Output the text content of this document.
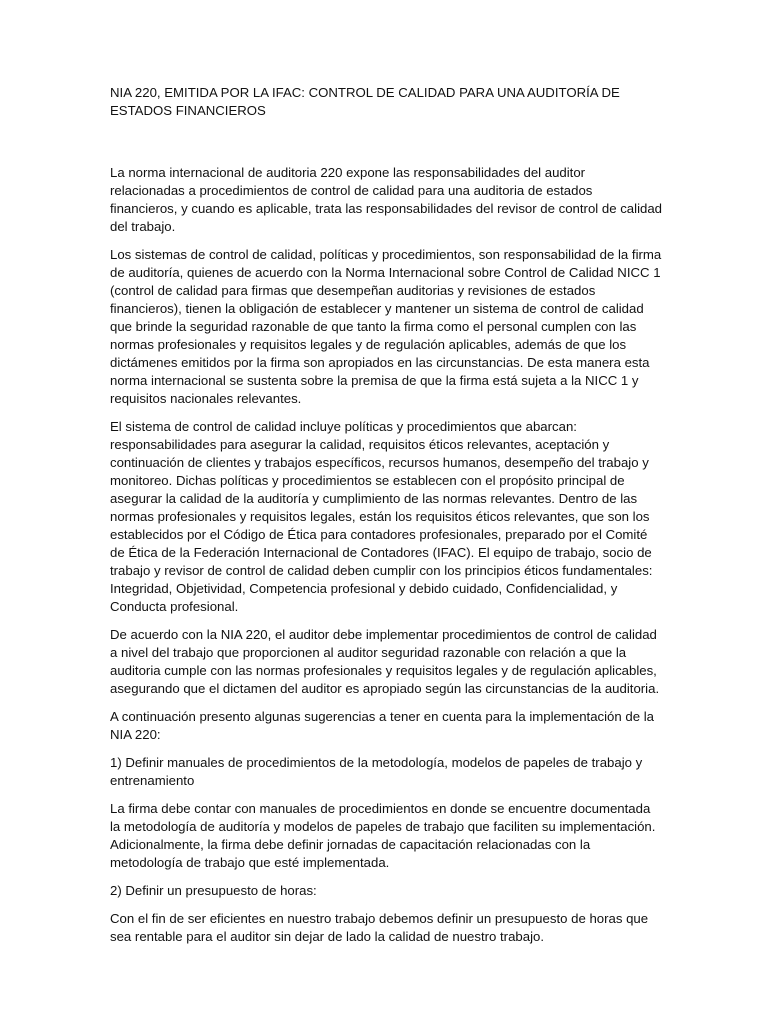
NIA 220, EMITIDA POR LA IFAC: CONTROL DE CALIDAD PARA UNA AUDITORÍA DE ESTADOS FINANCIEROS

La norma internacional de auditoria 220 expone las responsabilidades del auditor relacionadas a procedimientos de control de calidad para una auditoria de estados financieros, y cuando es aplicable, trata las responsabilidades del revisor de control de calidad del trabajo.

Los sistemas de control de calidad, políticas y procedimientos, son responsabilidad de la firma de auditoría, quienes de acuerdo con la Norma Internacional sobre Control de Calidad NICC 1 (control de calidad para firmas que desempeñan auditorias y revisiones de estados financieros), tienen la obligación de establecer y mantener un sistema de control de calidad que brinde la seguridad razonable de que tanto la firma como el personal cumplen con las normas profesionales y requisitos legales y de regulación aplicables, además de que los dictámenes emitidos por la firma son apropiados en las circunstancias. De esta manera esta norma internacional se sustenta sobre la premisa de que la firma está sujeta a la NICC 1 y requisitos nacionales relevantes.

El sistema de control de calidad incluye políticas y procedimientos que abarcan: responsabilidades para asegurar la calidad, requisitos éticos relevantes, aceptación y continuación de clientes y trabajos específicos, recursos humanos, desempeño del trabajo y monitoreo. Dichas políticas y procedimientos se establecen con el propósito principal de asegurar la calidad de la auditoría y cumplimiento de las normas relevantes. Dentro de las normas profesionales y requisitos legales, están los requisitos éticos relevantes, que son los establecidos por el Código de Ética para contadores profesionales, preparado por el Comité de Ética de la Federación Internacional de Contadores (IFAC). El equipo de trabajo, socio de trabajo y revisor de control de calidad deben cumplir con los principios éticos fundamentales: Integridad, Objetividad, Competencia profesional y debido cuidado, Confidencialidad, y Conducta profesional.

De acuerdo con la NIA 220, el auditor debe implementar procedimientos de control de calidad a nivel del trabajo que proporcionen al auditor seguridad razonable con relación a que la auditoria cumple con las normas profesionales y requisitos legales y de regulación aplicables, asegurando que el dictamen del auditor es apropiado según las circunstancias de la auditoria.

A continuación presento algunas sugerencias a tener en cuenta para la implementación de la NIA 220:

1) Definir manuales de procedimientos de la metodología, modelos de papeles de trabajo y entrenamiento

La firma debe contar con manuales de procedimientos en donde se encuentre documentada la metodología de auditoría y modelos de papeles de trabajo que faciliten su implementación. Adicionalmente, la firma debe definir jornadas de capacitación relacionadas con la metodología de trabajo que esté implementada.

2) Definir un presupuesto de horas:

Con el fin de ser eficientes en nuestro trabajo debemos definir un presupuesto de horas que sea rentable para el auditor sin dejar de lado la calidad de nuestro trabajo.
